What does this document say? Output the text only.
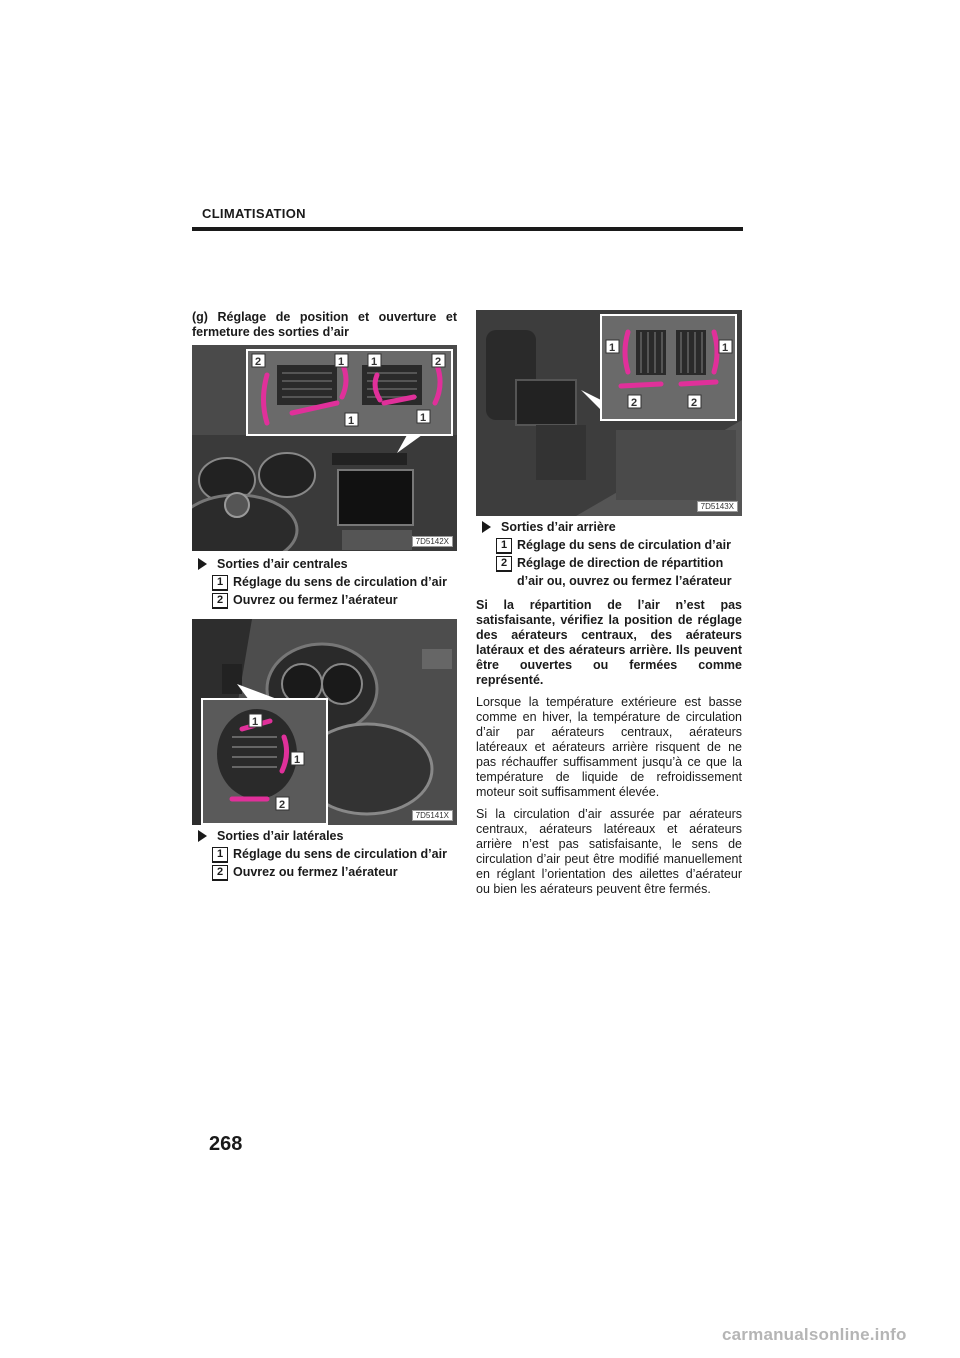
CLIMATISATION
(g) Réglage de position et ouverture et fermeture des sorties d’air
2	1 1	2
1	1
7D5142X
Sorties d’air centrales
1 Réglage du sens de circulation d’air
2 Ouvrez ou fermez l’aérateur
1
1
2
7D5141X
Sorties d’air latérales
1 Réglage du sens de circulation d’air
2 Ouvrez ou fermez l’aérateur
1	1
2	2
7D5143X
Sorties d’air arrière
1 Réglage du sens de circulation d’air
2 Réglage de direction de répartition d’air ou, ouvrez ou fermez l’aérateur

Si la répartition de l’air n’est pas satisfaisante, vérifiez la position de réglage des aérateurs centraux, des aérateurs latéraux et des aérateurs arrière. Ils peuvent être ouvertes ou fermées comme représenté.

Lorsque la température extérieure est basse comme en hiver, la température de circulation d’air par aérateurs centraux, aérateurs latéreaux et aérateurs arrière risquent de ne pas réchauffer suffisamment jusqu’à ce que la température de liquide de refroidissement moteur soit suffisamment élevée.

Si la circulation d’air assurée par aérateurs centraux, aérateurs latéreaux et aérateurs arrière n’est pas satisfaisante, le sens de circulation d’air peut être modifié manuellement en réglant l’orientation des ailettes d’aérateur ou bien les aérateurs peuvent être fermés.

268
carmanualsonline.info
